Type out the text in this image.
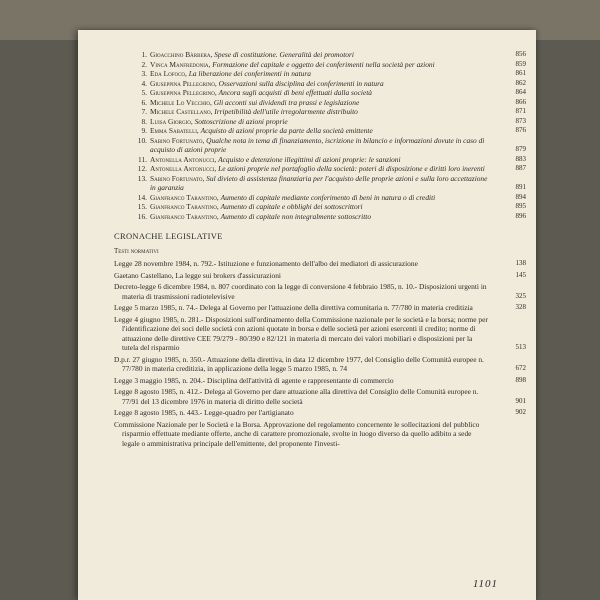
1. Gioacchino Bàrbera, Spese di costituzione. Generalità dei promotori	856
2. Vinca Manfredonia, Formazione del capitale e oggetto dei conferimenti nella società per azioni	859
3. Eda Lofoco, La liberazione dei conferimenti in natura	861
4. Giuseppina Pellegrino, Osservazioni sulla disciplina dei conferimenti in natura	862
5. Giuseppina Pellegrino, Ancora sugli acquisti di beni effettuati dalla società	864
6. Michele Lo Vecchio, Gli acconti sui dividendi tra prassi e legislazione	866
7. Michele Castellano, Irripetibilità dell'utile irregolarmente distribuito	871
8. Luisa Giorgio, Sottoscrizione di azioni proprie	873
9. Emma Sabatelli, Acquisto di azioni proprie da parte della società emittente	876
10. Sabino Fortunato, Qualche nota in tema di finanziamento, iscrizione in bilancio e informazioni dovute in caso di acquisto di azioni proprie	879
11. Antonella Antonucci, Acquisto e detenzione illegittimi di azioni proprie: le sanzioni	883
12. Antonella Antonucci, Le azioni proprie nel portafoglio della società: poteri di disposizione e diritti loro inerenti	887
13. Sabino Fortunato, Sul divieto di assistenza finanziaria per l'acquisto delle proprie azioni e sulla loro accettazione in garanzia	891
14. Gianfranco Tarantino, Aumento di capitale mediante conferimento di beni in natura o di crediti	894
15. Gianfranco Tarantino, Aumento di capitale e obblighi dei sottoscrittori	895
16. Gianfranco Tarantino, Aumento di capitale non integralmente sottoscritto	896
CRONACHE LEGISLATIVE
Testi normativi
Legge 28 novembre 1984, n. 792.- Istituzione e funzionamento dell'albo dei mediatori di assicurazione	138
Gaetano Castellano, La legge sui brokers d'assicurazioni	145
Decreto-legge 6 dicembre 1984, n. 807 coordinato con la legge di conversione 4 febbraio 1985, n. 10.- Disposizioni urgenti in materia di trasmissioni radiotelevisive	325
Legge 5 marzo 1985, n. 74.- Delega al Governo per l'attuazione della direttiva comunitaria n. 77/780 in materia creditizia	328
Legge 4 giugno 1985, n. 281.- Disposizioni sull'ordinamento della Commissione nazionale per le società e la borsa; norme per l'identificazione dei soci delle società con azioni quotate in borsa e delle società per azioni esercenti il credito; norme di attuazione delle direttive CEE 79/279 - 80/390 e 82/121 in materia di mercato dei valori mobiliari e disposizioni per la tutela del risparmio	513
D.p.r. 27 giugno 1985, n. 350.- Attuazione della direttiva, in data 12 dicembre 1977, del Consiglio delle Comunità europee n. 77/780 in materia creditizia, in applicazione della legge 5 marzo 1985, n. 74	672
Legge 3 maggio 1985, n. 204.- Disciplina dell'attività di agente e rappresentante di commercio	898
Legge 8 agosto 1985, n. 412.- Delega al Governo per dare attuazione alla direttiva del Consiglio delle Comunità europee n. 77/91 del 13 dicembre 1976 in materia di diritto delle società	901
Legge 8 agosto 1985, n. 443.- Legge-quadro per l'artigianato	902
Commissione Nazionale per le Società e la Borsa. Approvazione del regolamento concernente le sollecitazioni del pubblico risparmio effettuate mediante offerte, anche di carattere promozionale, svolte in luogo diverso da quello adibito a sede legale o amministrativa principale dell'emittente, del proponente l'investi-
1101
